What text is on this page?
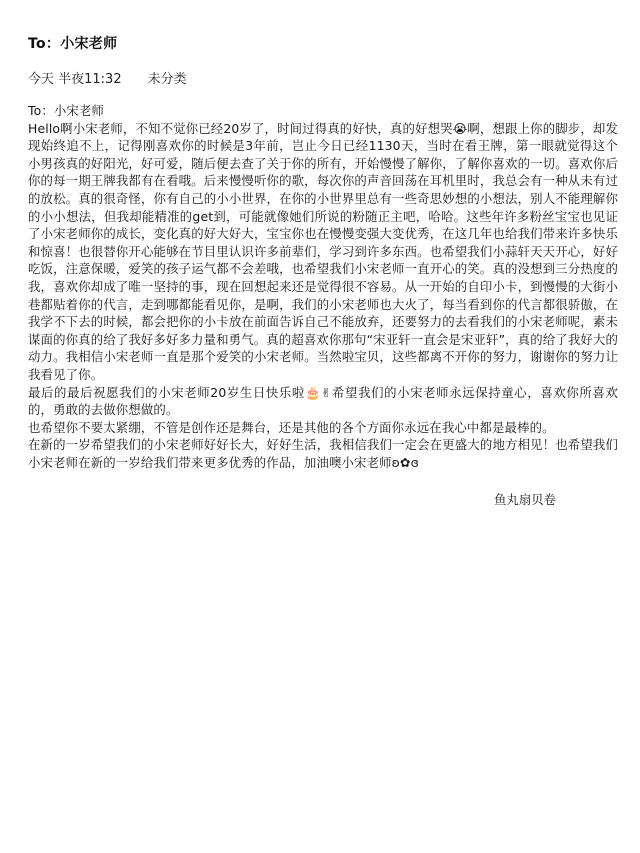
To：小宋老师
今天 半夜11:32 未分类

To：小宋老师

Hello啊小宋老师，不知不觉你已经20岁了，时间过得真的好快，真的好想哭😭啊，想跟上你的脚步，却发现始终追不上，记得刚喜欢你的时候是3年前，岂止今日已经1130天，当时在看王牌，第一眼就觉得这个小男孩真的好阳光，好可爱，随后便去查了关于你的所有，开始慢慢了解你，了解你喜欢的一切。喜欢你后你的每一期王牌我都有在看哦。后来慢慢听你的歌，每次你的声音回荡在耳机里时，我总会有一种从未有过的放松。真的很奇怪，你有自己的小小世界，在你的小世界里总有一些奇思妙想的小想法，别人不能理解你的小小想法，但我却能精准的get到，可能就像她们所说的粉随正主吧，哈哈。这些年许多粉丝宝宝也见证了小宋老师你的成长，变化真的好大好大，宝宝你也在慢慢变强大变优秀，在这几年也给我们带来许多快乐和惊喜！也很替你开心能够在节目里认识许多前辈们，学习到许多东西。也希望我们小蒜轩天天开心，好好吃饭，注意保暖，爱笑的孩子运气都不会差哦，也希望我们小宋老师一直开心的笑。真的没想到三分热度的我，喜欢你却成了唯一坚持的事，现在回想起来还是觉得很不容易。从一开始的自印小卡，到慢慢的大街小巷都贴着你的代言，走到哪都能看见你，是啊，我们的小宋老师也大火了，每当看到你的代言都很骄傲，在我学不下去的时候，都会把你的小卡放在前面告诉自己不能放弃，还要努力的去看我们的小宋老师呢，素未谋面的你真的给了我好多好多力量和勇气。真的超喜欢你那句“宋亚轩一直会是宋亚轩”，真的给了我好大的动力。我相信小宋老师一直是那个爱笑的小宋老师。当然啦宝贝，这些都离不开你的努力，谢谢你的努力让我看见了你。

最后的最后祝愿我们的小宋老师20岁生日快乐啦🎂✌希望我们的小宋老师永远保持童心，喜欢你所喜欢的，勇敢的去做你想做的。

也希望你不要太紧绷，不管是创作还是舞台，还是其他的各个方面你永远在我心中都是最棒的。

在新的一岁希望我们的小宋老师好好长大，好好生活，我相信我们一定会在更盛大的地方相见！也希望我们小宋老师在新的一岁给我们带来更多优秀的作品，加油噢小宋老师ʚ︎✿ɞ

鱼丸扇贝卷
